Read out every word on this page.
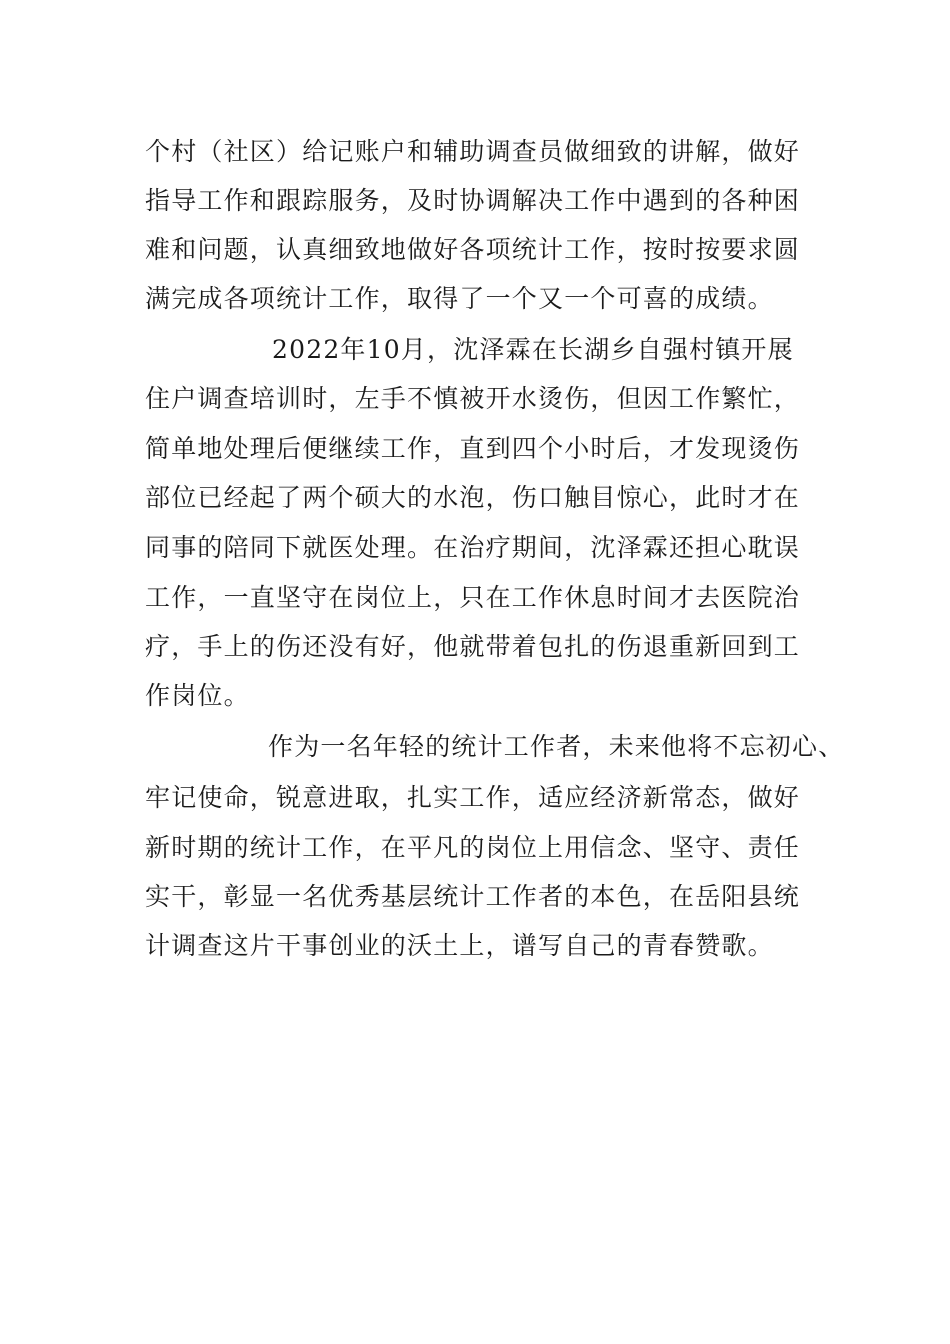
个村（社区）给记账户和辅助调查员做细致的讲解，做好
指导工作和跟踪服务，及时协调解决工作中遇到的各种困
难和问题，认真细致地做好各项统计工作，按时按要求圆
满完成各项统计工作，取得了一个又一个可喜的成绩。
2022年10月，沈泽霖在长湖乡自强村镇开展
住户调查培训时，左手不慎被开水烫伤，但因工作繁忙，
简单地处理后便继续工作，直到四个小时后，才发现烫伤
部位已经起了两个硕大的水泡，伤口触目惊心，此时才在
同事的陪同下就医处理。在治疗期间，沈泽霖还担心耽误
工作，一直坚守在岗位上，只在工作休息时间才去医院治
疗，手上的伤还没有好，他就带着包扎的伤退重新回到工
作岗位。
作为一名年轻的统计工作者，未来他将不忘初心、
牢记使命，锐意进取，扎实工作，适应经济新常态，做好
新时期的统计工作，在平凡的岗位上用信念、坚守、责任
实干，彰显一名优秀基层统计工作者的本色，在岳阳县统
计调查这片干事创业的沃土上，谱写自己的青春赞歌。
